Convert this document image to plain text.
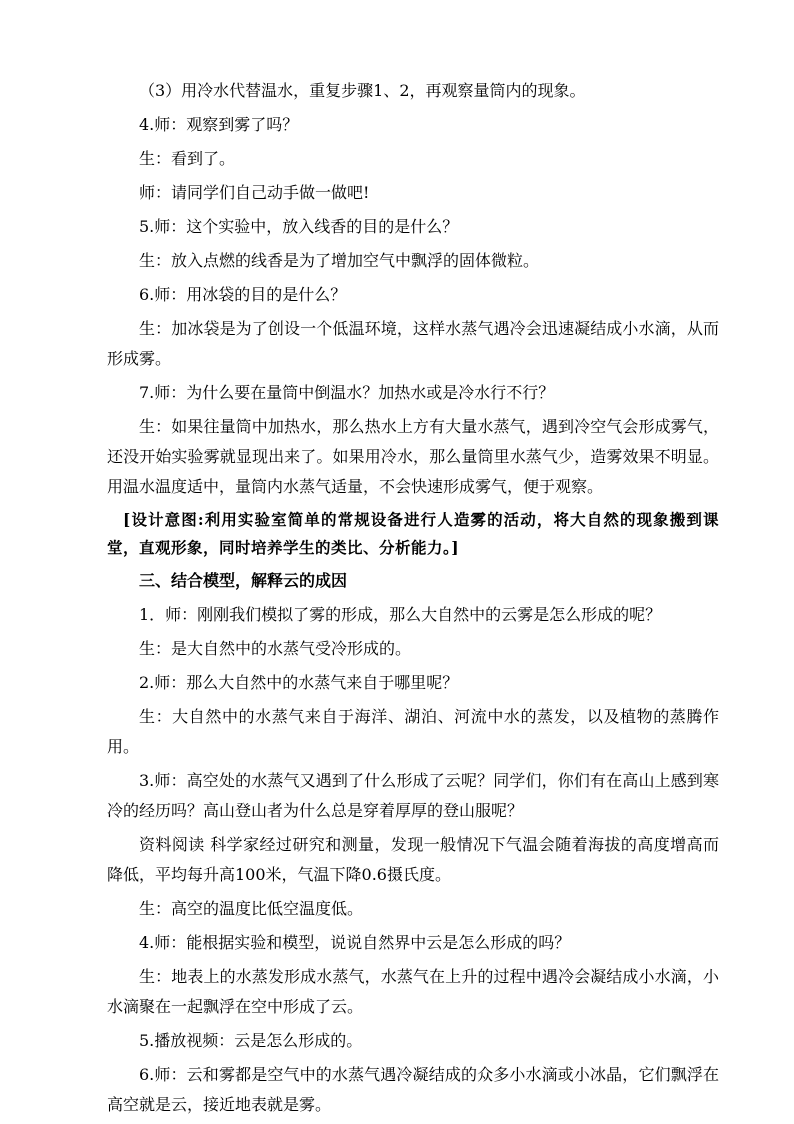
（3）用冷水代替温水，重复步骤1、2，再观察量筒内的现象。

4.师：观察到雾了吗？

生：看到了。

师：请同学们自己动手做一做吧!

5.师：这个实验中，放入线香的目的是什么？

生：放入点燃的线香是为了增加空气中飘浮的固体微粒。

6.师：用冰袋的目的是什么？

生：加冰袋是为了创设一个低温环境，这样水蒸气遇冷会迅速凝结成小水滴，从而形成雾。

7.师：为什么要在量筒中倒温水？加热水或是冷水行不行？

生：如果往量筒中加热水，那么热水上方有大量水蒸气，遇到冷空气会形成雾气，还没开始实验雾就显现出来了。如果用冷水，那么量筒里水蒸气少，造雾效果不明显。用温水温度适中，量筒内水蒸气适量，不会快速形成雾气，便于观察。

[设计意图:利用实验室简单的常规设备进行人造雾的活动，将大自然的现象搬到课堂，直观形象，同时培养学生的类比、分析能力。]

三、结合模型，解释云的成因

1．师：刚刚我们模拟了雾的形成，那么大自然中的云雾是怎么形成的呢？

生：是大自然中的水蒸气受冷形成的。

2.师：那么大自然中的水蒸气来自于哪里呢？

生：大自然中的水蒸气来自于海洋、湖泊、河流中水的蒸发，以及植物的蒸腾作用。

3.师：高空处的水蒸气又遇到了什么形成了云呢？同学们，你们有在高山上感到寒冷的经历吗？高山登山者为什么总是穿着厚厚的登山服呢？

资料阅读 科学家经过研究和测量，发现一般情况下气温会随着海拔的高度增高而降低，平均每升高100米，气温下降0.6摄氏度。

生：高空的温度比低空温度低。

4.师：能根据实验和模型，说说自然界中云是怎么形成的吗？

生：地表上的水蒸发形成水蒸气，水蒸气在上升的过程中遇冷会凝结成小水滴，小水滴聚在一起飘浮在空中形成了云。

5.播放视频：云是怎么形成的。

6.师：云和雾都是空气中的水蒸气遇冷凝结成的众多小水滴或小冰晶，它们飘浮在高空就是云，接近地表就是雾。
